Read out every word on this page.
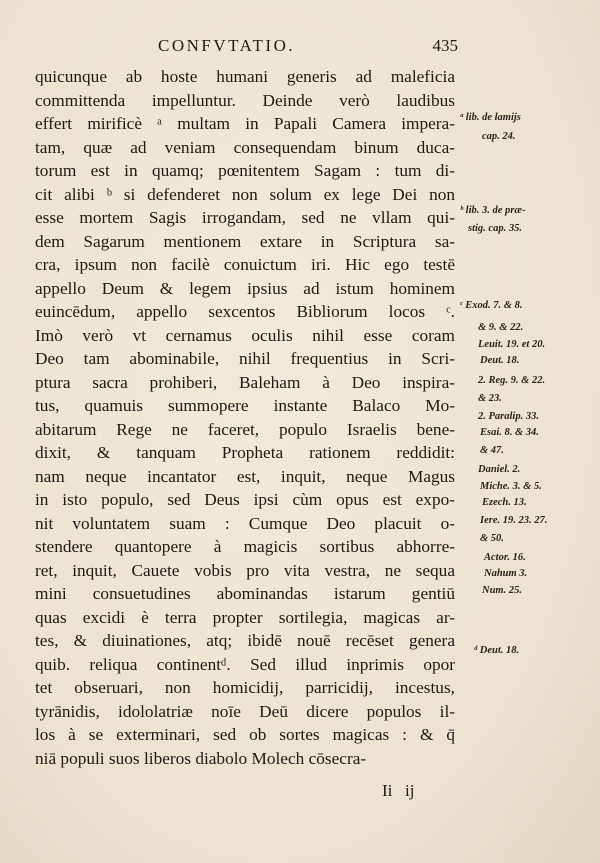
CONFVTATIO.	435
quicunque ab hoste humani generis ad maleficia
committenda impelluntur. Deinde verò laudibus
effert mirificè ᵃ multam in Papali Camera impera-
tam, quæ ad veniam consequendam binum duca-
torum est in quamq; pœnitentem Sagam : tum di-
cit alibi ᵇ si defenderet non solum ex lege Dei non
esse mortem Sagis irrogandam, sed ne vllam qui-
dem Sagarum mentionem extare in Scriptura sa-
cra, ipsum non facilè conuictum iri. Hic ego testē
appello Deum & legem ipsius ad istum hominem
euincēdum, appello sexcentos Bibliorum locos ᶜ.
Imò verò vt cernamus oculis nihil esse coram
Deo tam abominabile, nihil frequentius in Scri-
ptura sacra prohiberi, Baleham à Deo inspira-
tus, quamuis summopere instante Balaco Mo-
abitarum Rege ne faceret, populo Israelis bene-
dixit, & tanquam Propheta rationem reddidit:
nam neque incantator est, inquit, neque Magus
in isto populo, sed Deus ipsi cùm opus est expo-
nit voluntatem suam : Cumque Deo placuit o-
stendere quantopere à magicis sortibus abhorre-
ret, inquit, Cauete vobis pro vita vestra, ne sequa
mini consuetudines abominandas istarum gentiū
quas excidi è terra propter sortilegia, magicas ar-
tes, & diuinationes, atq; ibidē nouē recēset genera
quib. reliqua continentᵈ. Sed illud inprimis opor
tet obseruari, non homicidij, parricidij, incestus,
tyrānidis, idololatriæ noīe Deū dicere populos il-
los à se exterminari, sed ob sortes magicas : & q̄
niā populi suos liberos diabolo Molech cōsecra-
ᵃ lib. de lamijs
cap. 24.
ᵇ lib. 3. de præ-
stig. cap. 35.
ᶜ Exod. 7. & 8.
& 9. & 22.
Leuit. 19. et 20.
Deut. 18.
2. Reg. 9. & 22.
& 23.
2. Paralip. 33.
Esai. 8. & 34.
& 47.
Daniel. 2.
Miche. 3. & 5.
Ezech. 13.
Iere. 19. 23. 27.
& 50.
Actor. 16.
Nahum 3.
Num. 25.
ᵈ Deut. 18.
Ii ij
